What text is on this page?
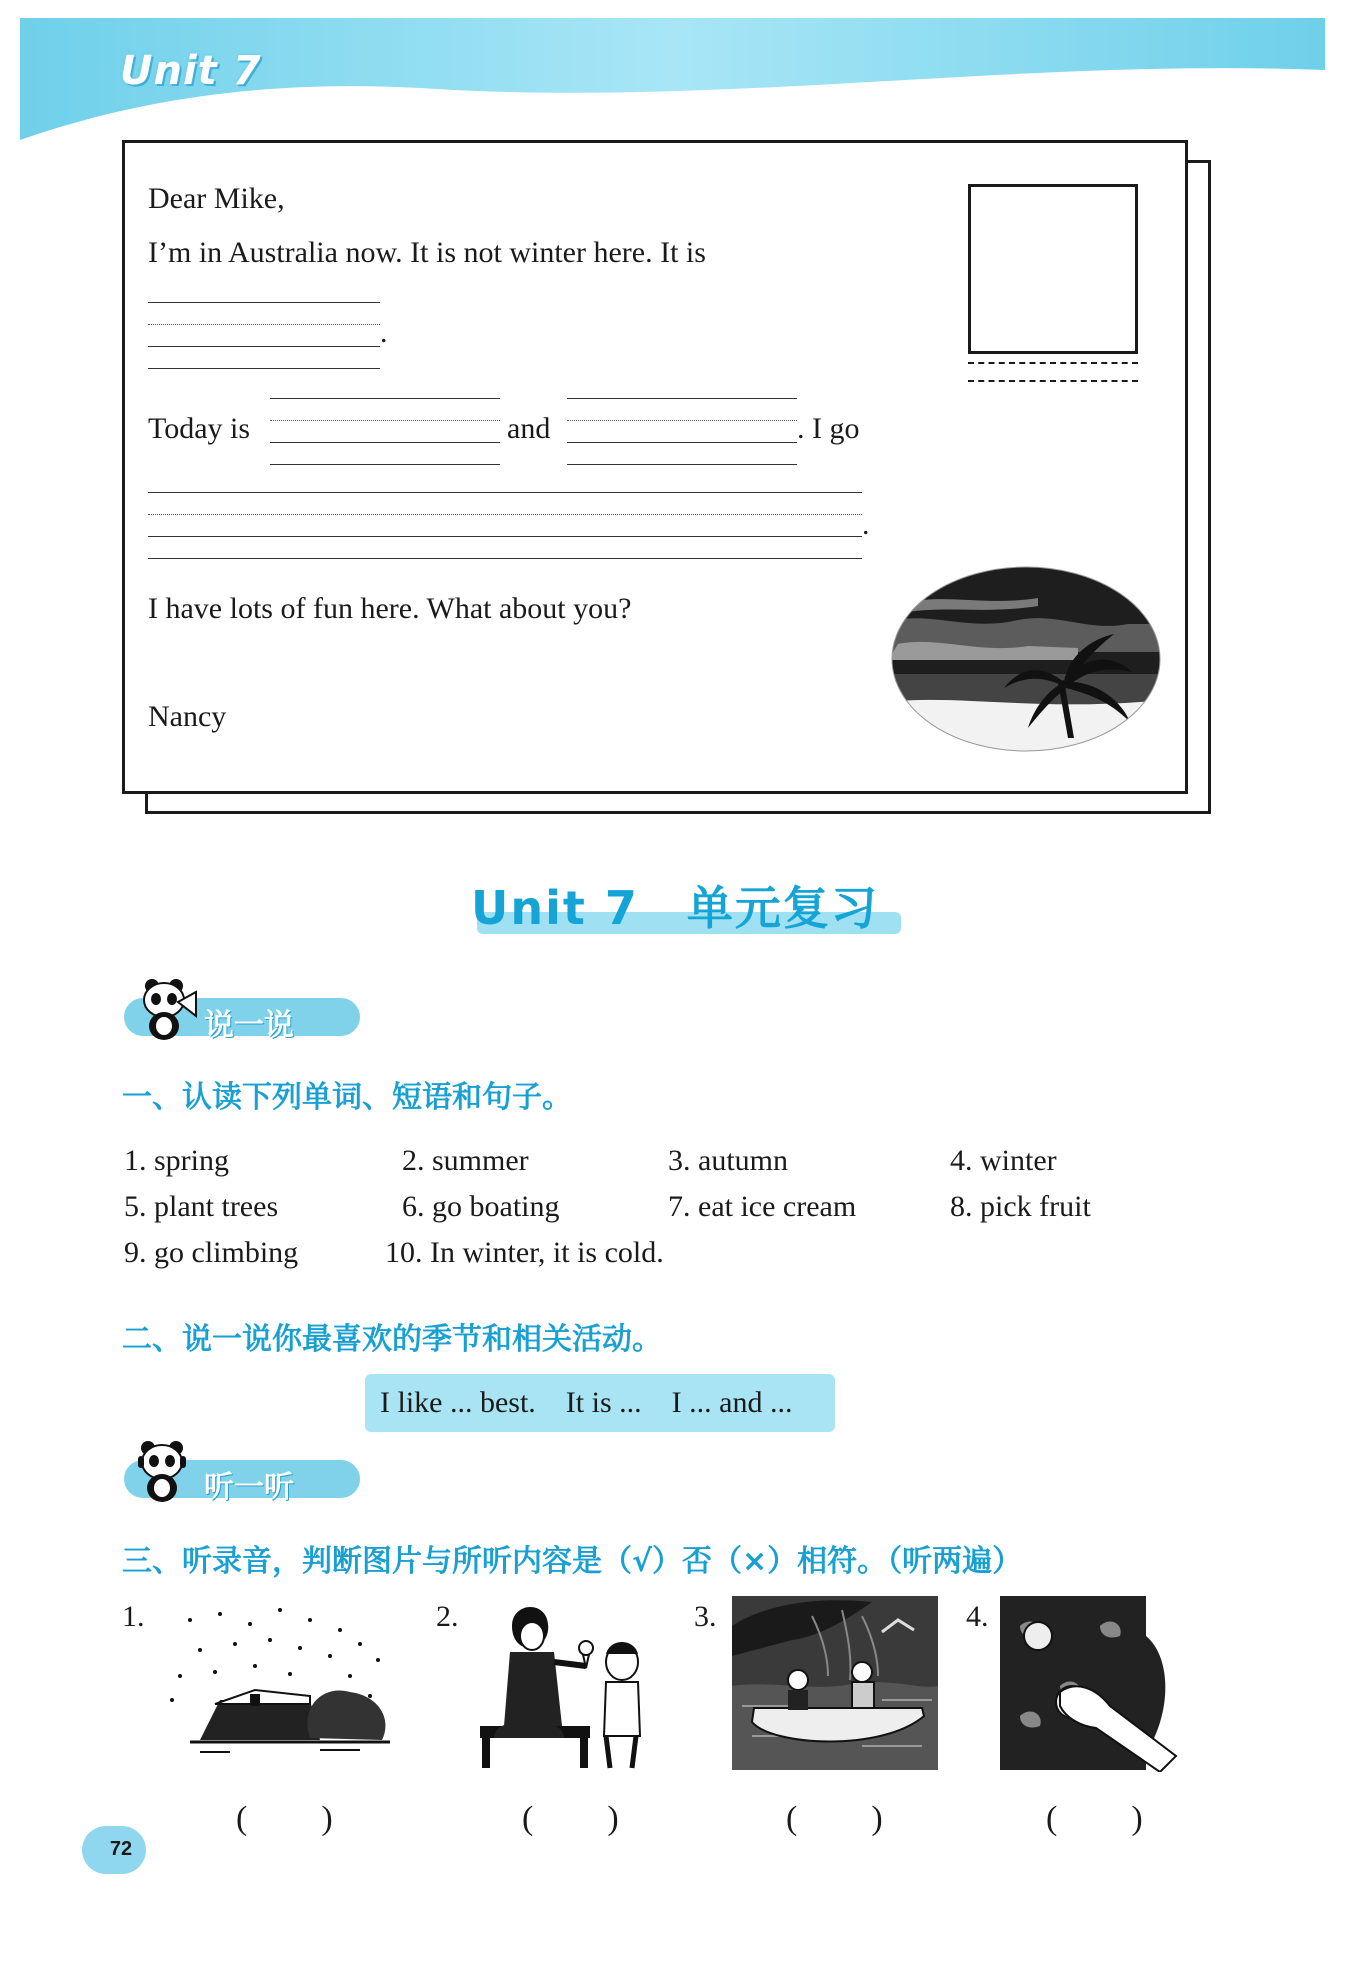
Unit 7
Dear Mike,
I’m in Australia now. It is not winter here. It is
.
Today is	and	. I go
.
I have lots of fun here. What about you?
Nancy
Unit 7　单元复习
说一说
一、认读下列单词、短语和句子。
1. spring	2. summer	3. autumn	4. winter
5. plant trees	6. go boating	7. eat ice cream	8. pick fruit
9. go climbing	10. In winter, it is cold.
二、说一说你最喜欢的季节和相关活动。
I like ... best.    It is ...    I ... and ...
听一听
三、听录音，判断图片与所听内容是（√）否（×）相符。（听两遍）
1.
(　　)
2.
(　　)
3.
(　　)
4.
(　　)
72
